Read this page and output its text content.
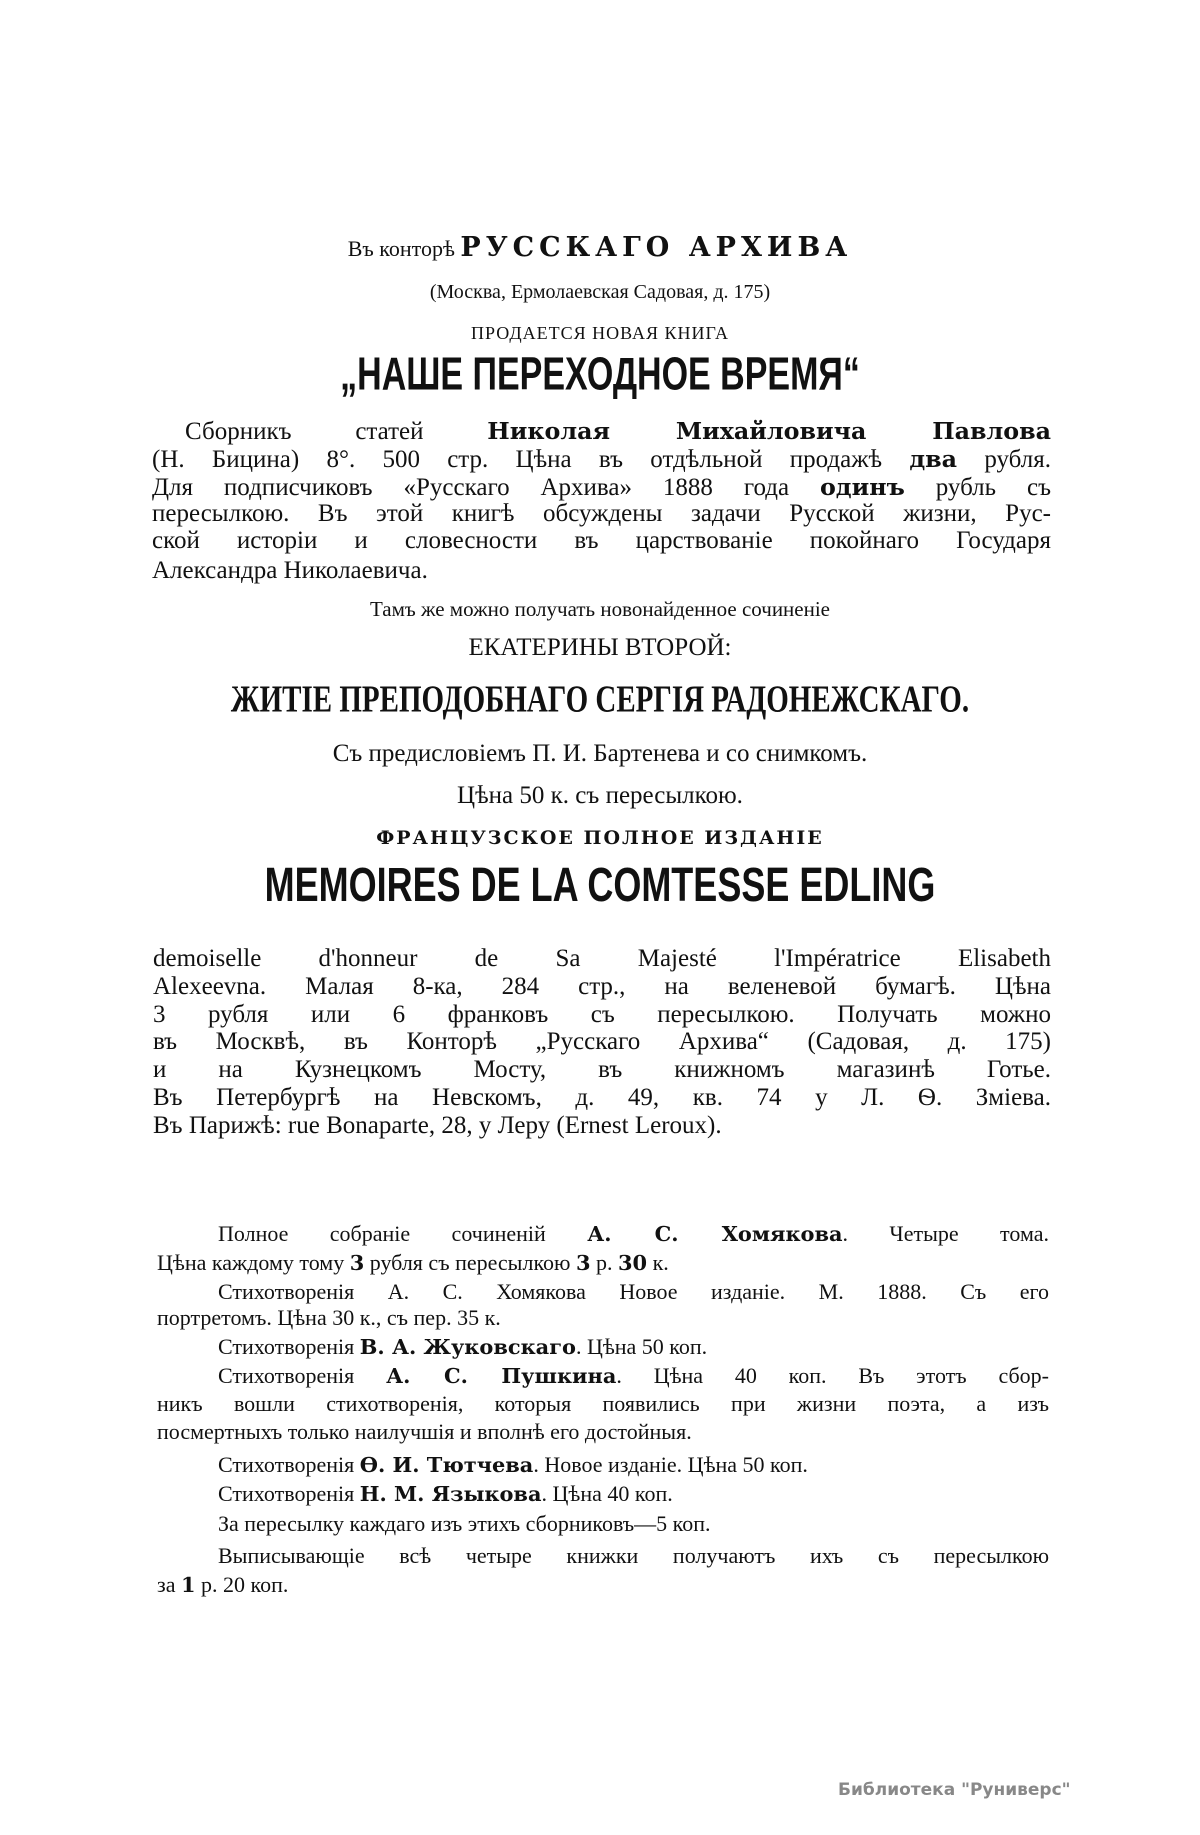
Въ конторѣ РУССКАГО АРХИВА
(Москва, Ермолаевская Садовая, д. 175)
ПРОДАЕТСЯ НОВАЯ КНИГА
„НАШЕ ПЕРЕХОДНОЕ ВРЕМЯ“
Сборникъ статей Николая Михайловича Павлова
(Н. Бицина) 8°. 500 стр. Цѣна въ отдѣльной продажѣ два рубля.
Для подписчиковъ «Русскаго Архива» 1888 года одинъ рубль съ
пересылкою. Въ этой книгѣ обсуждены задачи Русской жизни, Рус-
ской исторіи и словесности въ царствованіе покойнаго Государя
Александра Николаевича.
Тамъ же можно получать новонайденное сочиненіе
ЕКАТЕРИНЫ ВТОРОЙ:
ЖИТІЕ ПРЕПОДОБНАГО СЕРГІЯ РАДОНЕЖСКАГО.
Съ предисловіемъ П. И. Бартенева и со снимкомъ.
Цѣна 50 к. съ пересылкою.
ФРАНЦУЗСКОЕ ПОЛНОЕ ИЗДАНІЕ
MEMOIRES DE LA COMTESSE EDLING
demoiselle d'honneur de Sa Majesté l'Impératrice Elisabeth
Alexeevna. Малая 8-ка, 284 стр., на веленевой бумагѣ. Цѣна
3 рубля или 6 франковъ съ пересылкою. Получать можно
въ Москвѣ, въ Конторѣ „Русскаго Архива“ (Садовая, д. 175)
и на Кузнецкомъ Мосту, въ книжномъ магазинѣ Готье.
Въ Петербургѣ на Невскомъ, д. 49, кв. 74 у Л. Ѳ. Зміева.
Въ Парижѣ: rue Bonaparte, 28, у Леру (Ernest Leroux).
Полное собраніе сочиненій А. С. Хомякова. Четыре тома.
Цѣна каждому тому 3 рубля съ пересылкою 3 р. 30 к.
Стихотворенія А. С. Хомякова Новое изданіе. М. 1888. Съ его
портретомъ. Цѣна 30 к., съ пер. 35 к.
Стихотворенія В. А. Жуковскаго. Цѣна 50 коп.
Стихотворенія А. С. Пушкина. Цѣна 40 коп. Въ этотъ сбор-
никъ вошли стихотворенія, которыя появились при жизни поэта, а изъ
посмертныхъ только наилучшія и вполнѣ его достойныя.
Стихотворенія Ѳ. И. Тютчева. Новое изданіе. Цѣна 50 коп.
Стихотворенія Н. М. Языкова. Цѣна 40 коп.
За пересылку каждаго изъ этихъ сборниковъ—5 коп.
Выписывающіе всѣ четыре книжки получаютъ ихъ съ пересылкою
за 1 р. 20 коп.
Библиотека "Руниверс"
